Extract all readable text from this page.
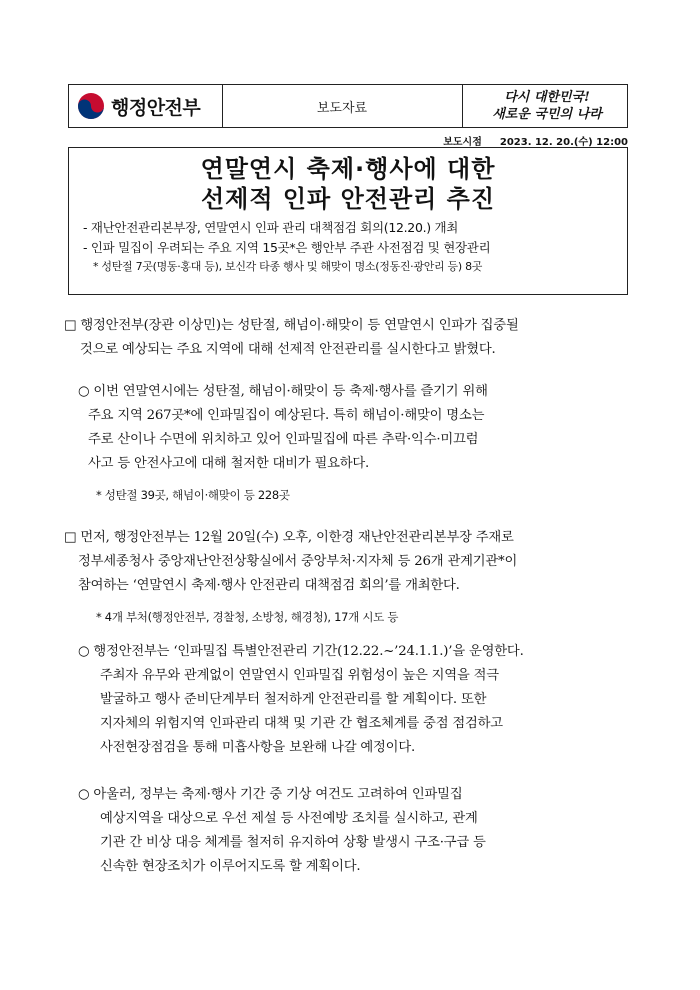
행정안전부	보도자료
다시 대한민국!
새로운 국민의 나라
보도시점 2023. 12. 20.(수) 12:00
연말연시 축제·행사에 대한
선제적 인파 안전관리 추진
- 재난안전관리본부장, 연말연시 인파 관리 대책점검 회의(12.20.) 개최
- 인파 밀집이 우려되는 주요 지역 15곳*은 행안부 주관 사전점검 및 현장관리
* 성탄절 7곳(명동·홍대 등), 보신각 타종 행사 및 해맞이 명소(정동진·광안리 등) 8곳
□ 행정안전부(장관 이상민)는 성탄절, 해넘이·해맞이 등 연말연시 인파가 집중될
것으로 예상되는 주요 지역에 대해 선제적 안전관리를 실시한다고 밝혔다.
○ 이번 연말연시에는 성탄절, 해넘이·해맞이 등 축제·행사를 즐기기 위해
주요 지역 267곳*에 인파밀집이 예상된다. 특히 해넘이·해맞이 명소는
주로 산이나 수면에 위치하고 있어 인파밀집에 따른 추락·익수·미끄럼
사고 등 안전사고에 대해 철저한 대비가 필요하다.
* 성탄절 39곳, 해넘이·해맞이 등 228곳
□ 먼저, 행정안전부는 12월 20일(수) 오후, 이한경 재난안전관리본부장 주재로
정부세종청사 중앙재난안전상황실에서 중앙부처·지자체 등 26개 관계기관*이
참여하는 ‘연말연시 축제·행사 안전관리 대책점검 회의’를 개최한다.
* 4개 부처(행정안전부, 경찰청, 소방청, 해경청), 17개 시도 등
○ 행정안전부는 ‘인파밀집 특별안전관리 기간(12.22.~’24.1.1.)’을 운영한다.
주최자 유무와 관계없이 연말연시 인파밀집 위험성이 높은 지역을 적극
발굴하고 행사 준비단계부터 철저하게 안전관리를 할 계획이다. 또한
지자체의 위험지역 인파관리 대책 및 기관 간 협조체계를 중점 점검하고
사전현장점검을 통해 미흡사항을 보완해 나갈 예정이다.
○ 아울러, 정부는 축제·행사 기간 중 기상 여건도 고려하여 인파밀집
예상지역을 대상으로 우선 제설 등 사전예방 조치를 실시하고, 관계
기관 간 비상 대응 체계를 철저히 유지하여 상황 발생시 구조·구급 등
신속한 현장조치가 이루어지도록 할 계획이다.
